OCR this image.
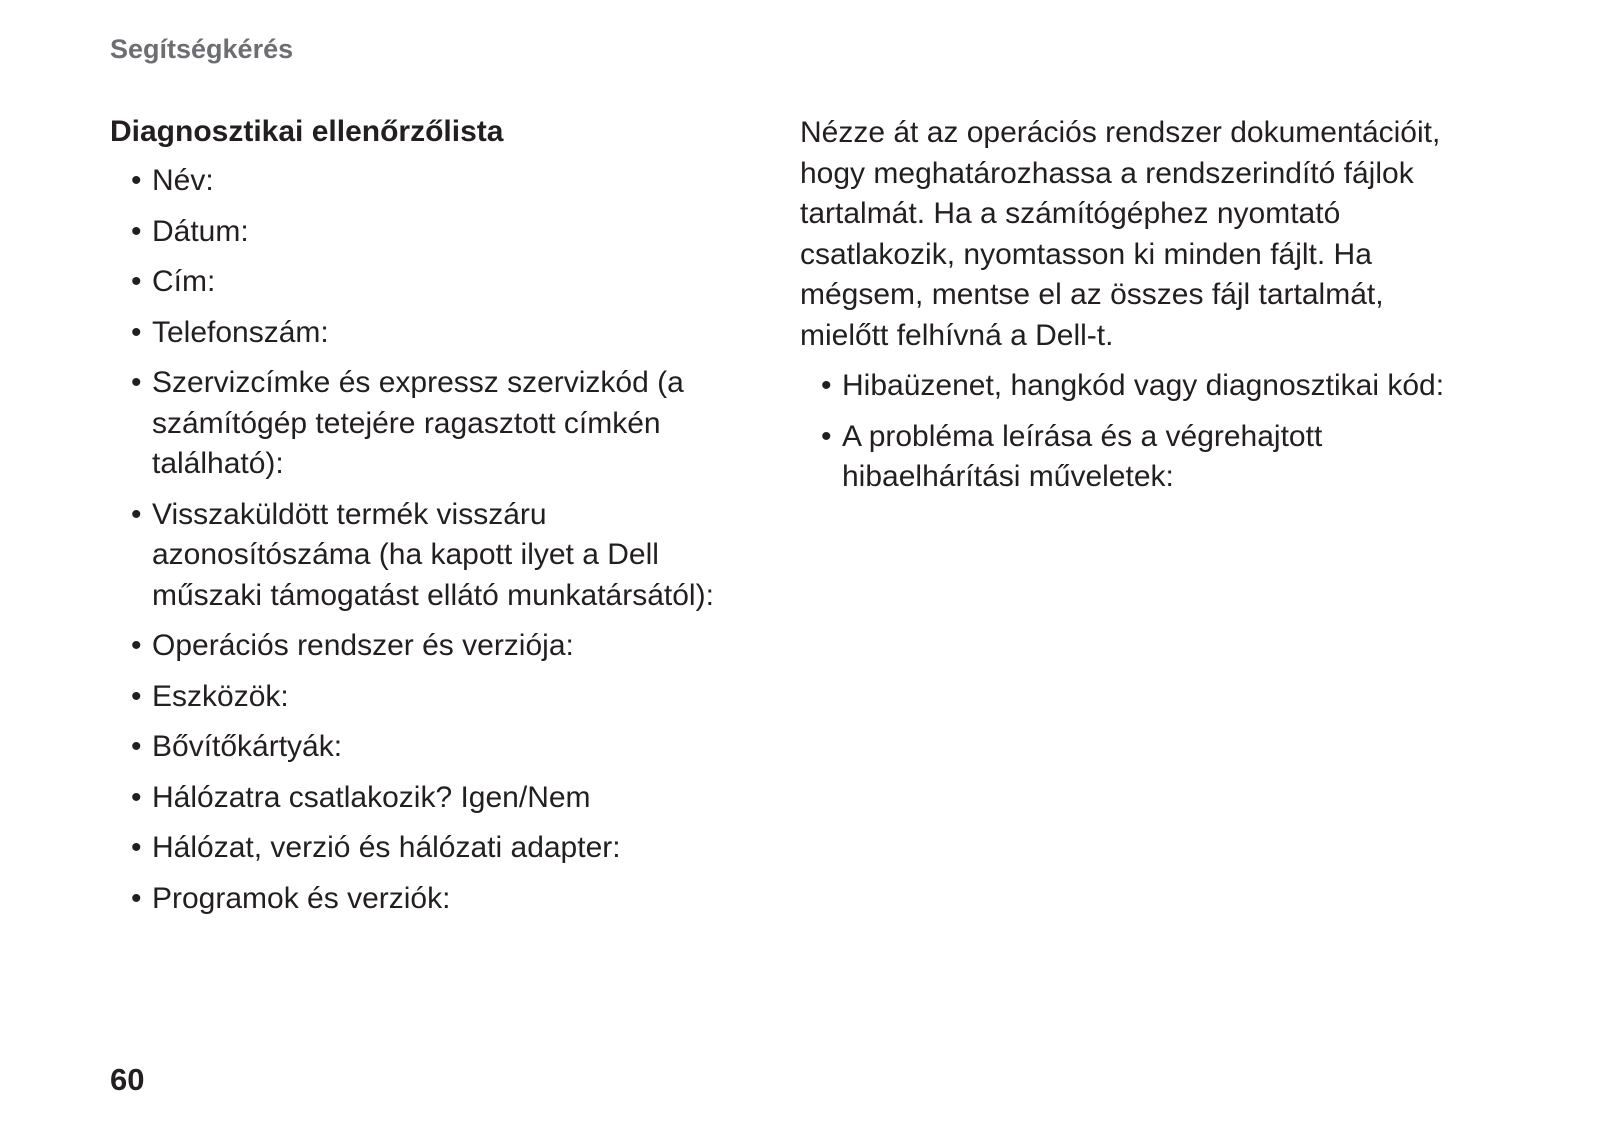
Segítségkérés
Diagnosztikai ellenőrzőlista
• Név:
• Dátum:
• Cím:
• Telefonszám:
• Szervizcímke és expressz szervizkód (a számítógép tetejére ragasztott címkén található):
• Visszaküldött termék visszáru azonosítószáma (ha kapott ilyet a Dell műszaki támogatást ellátó munkatársától):
• Operációs rendszer és verziója:
• Eszközök:
• Bővítőkártyák:
• Hálózatra csatlakozik? Igen/Nem
• Hálózat, verzió és hálózati adapter:
• Programok és verziók:

Nézze át az operációs rendszer dokumentációit, hogy meghatározhassa a rendszerindító fájlok tartalmát. Ha a számítógéphez nyomtató csatlakozik, nyomtasson ki minden fájlt. Ha mégsem, mentse el az összes fájl tartalmát, mielőtt felhívná a Dell-t.

• Hibaüzenet, hangkód vagy diagnosztikai kód:
• A probléma leírása és a végrehajtott hibaelhárítási műveletek:
60
